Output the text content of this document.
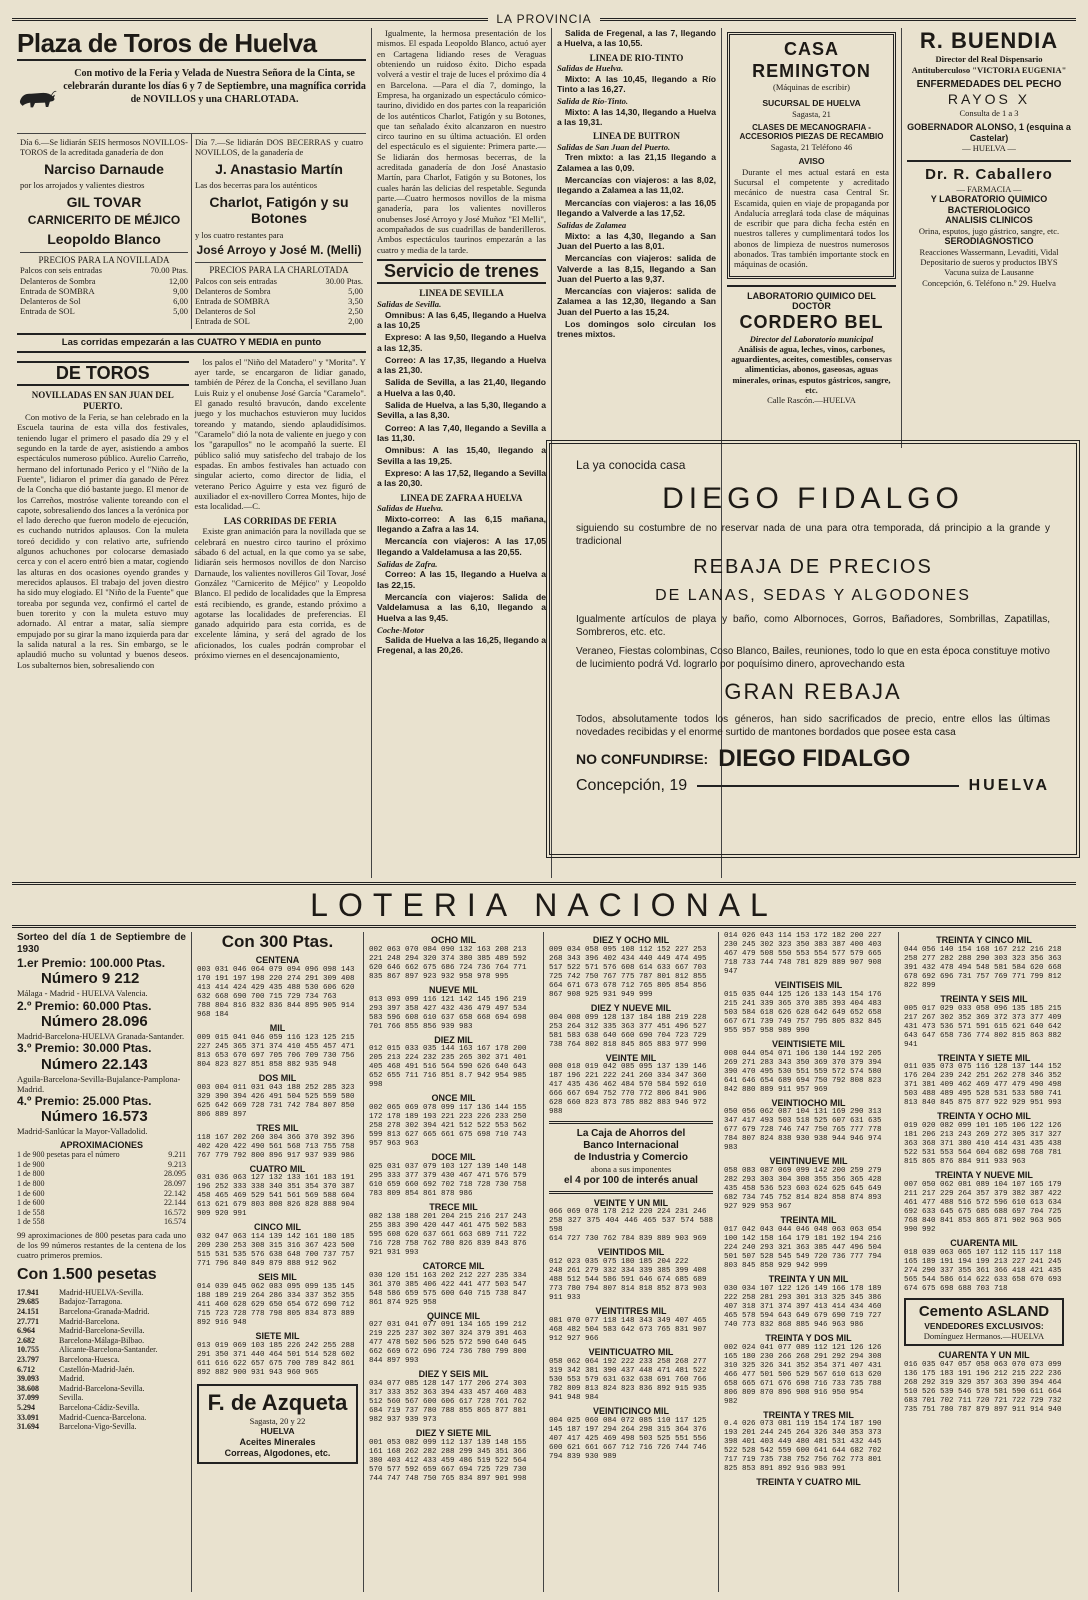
LA PROVINCIA
Plaza de Toros de Huelva
Con motivo de la Feria y Velada de Nuestra Señora de la Cinta, se celebrarán durante los días 6 y 7 de Septiembre, una magnífica corrida de NOVILLOS y una CHARLOTADA.
Día 6.—Se lidiarán SEIS hermosos NOVILLOS-TOROS de la acreditada ganadería de don
Narciso Darnaude
por los arrojados y valientes diestros
GIL TOVAR
CARNICERITO DE MÉJICO
Leopoldo Blanco
PRECIOS PARA LA NOVILLADA
Palcos con seis entradas	70.00 Ptas.
Delanteros de Sombra	12,00
Entrada de SOMBRA	9,00
Delanteros de Sol	6,00
Entrada de SOL	5,00
Día 7.—Se lidiarán DOS BECERRAS y cuatro NOVILLOS, de la ganadería de
J. Anastasio Martín
Las dos becerras para los auténticos
Charlot, Fatigón y su Botones
y los cuatro restantes para
José Arroyo y José M. (Melli)
PRECIOS PARA LA CHARLOTADA
Palcos con seis entradas	30.00 Ptas.
Delanteros de Sombra	5,00
Entrada de SOMBRA	3,50
Delanteros de Sol	2,50
Entrada de SOL	2,00
Las corridas empezarán a las CUATRO Y MEDIA en punto
DE TOROS
NOVILLADAS EN SAN JUAN DEL PUERTO.
Con motivo de la Feria, se han celebrado en la Escuela taurina de esta villa dos festivales, teniendo lugar el primero el pasado día 29 y el segundo en la tarde de ayer, asistiendo a ambos espectáculos numeroso público. Aurelio Carreño, hermano del infortunado Perico y el "Niño de la Fuente", lidiaron el primer día ganado de Pérez de la Concha que dió bastante juego. El menor de los Carreños, mostróse valiente toreando con el capote, sobresaliendo dos lances a la verónica por el lado derecho que fueron modelo de ejecución, es cuchando nutridos aplausos. Con la muleta toreó decidido y con relativo arte, sufriendo algunos achuchones por colocarse demasiado cerca y con el acero entró bien a matar, cogiendo las alturas en dos ocasiones oyendo grandes y merecidos aplausos. El trabajo del joven diestro ha sido muy elogiado. El "Niño de la Fuente" que toreaba por segunda vez, confirmó el cartel de buen torerito y con la muleta estuvo muy adornado. Al entrar a matar, salía siempre empujado por su girar la mano izquierda para dar la salida natural a la res. Sin embargo, se le aplaudió mucho su voluntad y buenos deseos. Los subalternos bien, sobresaliendo con
los palos el "Niño del Matadero" y "Morita". Y ayer tarde, se encargaron de lidiar ganado, también de Pérez de la Concha, el sevillano Juan Luis Ruiz y el onubense José García "Caramelo". El ganado resultó bravucón, dando excelente juego y los muchachos estuvieron muy lucidos toreando y matando, siendo aplaudidísimos. "Caramelo" dió la nota de valiente en juego y con los "garapullos" no le acompañó la suerte. El público salió muy satisfecho del trabajo de los espadas. En ambos festivales han actuado con singular acierto, como director de lidia, el veterano Perico Aguirre y esta vez figuró de auxiliador el ex-novillero Correa Montes, hijo de esta localidad.—C.
LAS CORRIDAS DE FERIA
Existe gran animación para la novillada que se celebrará en nuestro circo taurino el próximo sábado 6 del actual, en la que como ya se sabe, lidiarán seis hermosos novillos de don Narciso Darnaude, los valientes novilleros Gil Tovar, José González "Carnicerito de Méjico" y Leopoldo Blanco. El pedido de localidades que la Empresa está recibiendo, es grande, estando próximo a agotarse las localidades de preferencias. El ganado adquirido para esta corrida, es de excelente lámina, y será del agrado de los aficionados, los cuales podrán comprobar el próximo viernes en el desencajonamiento,
Igualmente, la hermosa presentación de los mismos. El espada Leopoldo Blanco, actuó ayer en Cartagena lidiando reses de Veraguas obteniendo un ruidoso éxito. Dicho espada volverá a vestir el traje de luces el próximo día 4 en Barcelona. —Para el día 7, domingo, la Empresa, ha organizado un espectáculo cómico-taurino, dividido en dos partes con la reaparición de los auténticos Charlot, Fatigón y su Botones, que tan señalado éxito alcanzaron en nuestro circo taurino en su última actuación. El orden del espectáculo es el siguiente: Primera parte.—Se lidiarán dos hermosas becerras, de la acreditada ganadería de don José Anastasio Martín, para Charlot, Fatigón y su Botones, los cuales harán las delicias del respetable. Segunda parte.—Cuatro hermosos novillos de la misma ganadería, para los valientes novilleros onubenses José Arroyo y José Muñoz "El Melli", acompañados de sus cuadrillas de banderilleros. Ambos espectáculos taurinos empezarán a las cuatro y media de la tarde.
Servicio de trenes
LINEA DE SEVILLA
Salidas de Sevilla.
Omnibus: A las 6,45, llegando a Huelva a las 10,25
Expreso: A las 9,50, llegando a Huelva a las 12,35.
Correo: A las 17,35, llegando a Huelva a las 21,30.
Salida de Sevilla, a las 21,40, llegando a Huelva a las 0,40.
Salida de Huelva, a las 5,30, llegando a Sevilla, a las 8,30.
Correo: A las 7,40, llegando a Sevilla a las 11,30.
Omnibus: A las 15,40, llegando a Sevilla a las 19,25.
Expreso: A las 17,52, llegando a Sevilla a las 20,30.
LINEA DE ZAFRA A HUELVA
Salidas de Huelva.
Mixto-correo: A las 6,15 mañana, llegando a Zafra a las 14.
Mercancía con viajeros: A las 17,05 llegando a Valdelamusa a las 20,55.
Salidas de Zafra.
Correo: A las 15, llegando a Huelva a las 22,15.
Mercancía con viajeros: Salida de Valdelamusa a las 6,10, llegando a Huelva a las 9,45.
Coche-Motor
Salida de Huelva a las 16,25, llegando a Fregenal, a las 20,26.
Salida de Fregenal, a las 7, llegando a Huelva, a las 10,55.
LINEA DE RIO-TINTO
Salidas de Huelva.
Mixto: A las 10,45, llegando a Río Tinto a las 16,27.
Salida de Río-Tinto.
Mixto: A las 14,30, llegando a Huelva a las 19,31.
LINEA DE BUITRON
Salidas de San Juan del Puerto.
Tren mixto: a las 21,15 llegando a Zalamea a las 0,09.
Mercancías con viajeros: a las 8,02, llegando a Zalamea a las 11,02.
Mercancías con viajeros: a las 16,05 llegando a Valverde a las 17,52.
Salidas de Zalamea
Mixto: a las 4,30, llegando a San Juan del Puerto a las 8,01.
Mercancías con viajeros: salida de Valverde a las 8,15, llegando a San Juan del Puerto a las 9,37.
Mercancías con viajeros: salida de Zalamea a las 12,30, llegando a San Juan del Puerto a las 15,24.
Los domingos solo circulan los trenes mixtos.
CASA REMINGTON
(Máquinas de escribir)
SUCURSAL DE HUELVA
Sagasta, 21
CLASES DE MECANOGRAFIA - ACCESORIOS PIEZAS DE RECAMBIO
Sagasta, 21 Teléfono 46
AVISO
Durante el mes actual estará en esta Sucursal el competente y acreditado mecánico de nuestra casa Central Sr. Escamida, quien en viaje de propaganda por Andalucía arreglará toda clase de máquinas de escribir que para dicha fecha estén en nuestros talleres y cumplimentará todos los abonos de limpieza de nuestros numerosos abonados. Tras también importante stock en máquinas de ocasión.
LABORATORIO QUIMICO DEL DOCTOR
CORDERO BEL
Director del Laboratorio municipal
Análisis de agua, leches, vinos, carbones, aguardientes, aceites, comestibles, conservas alimenticias, abonos, gaseosas, aguas minerales, orinas, esputos gástricos, sangre, etc.
Calle Rascón.—HUELVA
R. BUENDIA
Director del Real Dispensario Antituberculoso "VICTORIA EUGENIA"
ENFERMEDADES DEL PECHO
RAYOS X
Consulta de 1 a 3
GOBERNADOR ALONSO, 1 (esquina a Castelar)
— HUELVA —
Dr. R. Caballero
— FARMACIA —
Y LABORATORIO QUIMICO BACTERIOLOGICO
ANALISIS CLINICOS
Orina, esputos, jugo gástrico, sangre, etc.
SERODIAGNOSTICO
Reacciones Wassermann, Levaditi, Vidal
Depositario de sueros y productos IBYS
Vacuna suiza de Lausanne
Concepción, 6. Teléfono n.º 29. Huelva
La ya conocida casa
DIEGO FIDALGO
siguiendo su costumbre de no reservar nada de una para otra temporada, dá principio a la grande y tradicional
REBAJA DE PRECIOS
DE LANAS, SEDAS Y ALGODONES
Igualmente artículos de playa y baño, como Albornoces, Gorros, Bañadores, Sombrillas, Zapatillas, Sombreros, etc. etc.
Veraneo, Fiestas colombinas, Coso Blanco, Bailes, reuniones, todo lo que en esta época constituye motivo de lucimiento podrá Vd. lograrlo por poquísimo dinero, aprovechando esta
GRAN REBAJA
Todos, absolutamente todos los géneros, han sido sacrificados de precio, entre ellos las últimas novedades recibidas y el enorme surtido de mantones bordados que posee esta casa
NO CONFUNDIRSE: DIEGO FIDALGO
Concepción, 19	HUELVA
LOTERIA NACIONAL
Sorteo del día 1 de Septiembre de 1930
1.er Premio: 100.000 Ptas.
Número 9 212
Málaga - Madrid - HUELVA Valencia.
2.º Premio: 60.000 Ptas.
Número 28.096
Madrid-Barcelona-HUELVA Granada-Santander.
3.º Premio: 30.000 Ptas.
Número 22.143
Aguila-Barcelona-Sevilla-Bujalance-Pamplona-Madrid.
4.º Premio: 25.000 Ptas.
Número 16.573
Madrid-Sanlúcar la Mayor-Valladolid.
APROXIMACIONES
1 de 900 pesetas para el número	9.211
1 de 900	9.213
1 de 800	28.095
1 de 800	28.097
1 de 600	22.142
1 de 600	22.144
1 de 558	16.572
1 de 558	16.574
99 aproximaciones de 800 pesetas para cada uno de los 99 números restantes de la centena de los cuatro primeros premios.
Con 1.500 pesetas
17.941	Madrid-HUELVA-Sevilla.
29.685	Badajoz-Tarragona.
24.151	Barcelona-Granada-Madrid.
27.771	Madrid-Barcelona.
6.964	Madrid-Barcelona-Sevilla.
2.682	Barcelona-Málaga-Bilbao.
10.755	Alicante-Barcelona-Santander.
23.797	Barcelona-Huesca.
6.712	Castellón-Madrid-Jaén.
39.093	Madrid.
38.608	Madrid-Barcelona-Sevilla.
37.099	Sevilla.
5.294	Barcelona-Cádiz-Sevilla.
33.091	Madrid-Cuenca-Barcelona.
31.694	Barcelona-Vigo-Sevilla.
Con 300 Ptas.
CENTENA
003 031 046 064 079 094 096 098 143
170 191 197 198 220 274 291 309 408
413 414 424 429 435 488 530 606 620
632 668 690 700 715 729 734 763
788 804 816 832 836 844 895 905 914
968 184
MIL
009 015 041 046 059 116 123 125 215
227 245 365 371 374 410 455 457 471
813 653 670 697 705 706 709 730 756
804 823 827 851 858 882 935 948
DOS MIL
003 004 011 031 043 188 252 285 323
329 390 394 426 491 504 525 559 580
625 642 669 728 731 742 784 807 850
806 889 897
TRES MIL
118 167 202 260 304 366 370 392 396
402 420 422 490 561 568 713 755 758
767 779 792 800 896 917 937 939 986
CUATRO MIL
031 036 063 127 132 133 161 183 191
196 252 333 338 340 351 354 370 387
458 465 469 529 541 561 569 588 604
613 621 679 803 808 826 828 888 904
909 920 991
CINCO MIL
032 047 063 114 139 142 161 180 185
209 230 253 308 315 316 367 423 500
515 531 535 576 638 648 700 737 757
771 796 840 849 879 888 912 962
SEIS MIL
014 039 045 062 083 095 099 135 145
188 189 219 264 286 334 337 352 355
411 460 628 629 650 654 672 690 712
715 723 728 778 798 805 834 873 889
892 916 948
SIETE MIL
013 019 069 103 185 226 242 255 288
291 350 371 440 464 501 514 528 602
611 616 622 657 675 700 789 842 861
892 882 900 931 943 960 965
F. de Azqueta Sagasta, 20 y 22
HUELVA
Aceites Minerales
Correas, Algodones, etc.
OCHO MIL
002 063 070 084 090 132 163 208 213
221 248 294 320 374 380 385 489 592
620 646 662 675 686 724 736 764 771
835 867 897 923 932 958 978 995
NUEVE MIL
013 093 099 116 121 142 145 196 219
293 397 358 427 432 436 479 497 534
583 596 608 610 637 658 668 694 698
701 766 855 856 939 983
DIEZ MIL
012 015 033 035 144 163 167 178 200
205 213 224 232 235 265 302 371 401
405 468 491 516 564 590 626 640 643
652 655 711 716 851 8.7 942 954 985
998
ONCE MIL
002 065 069 078 099 117 136 144 155
172 178 189 193 221 223 226 233 250
258 278 302 394 421 512 522 553 562
599 813 627 665 661 675 698 710 743
957 963 963
DOCE MIL
025 031 037 079 103 127 139 140 148
295 333 377 379 430 467 471 576 579
610 659 660 692 702 718 728 730 758
783 809 854 861 878 986
TRECE MIL
082 138 188 201 204 215 216 217 243
255 383 390 420 447 461 475 502 583
595 608 620 637 661 663 689 711 722
716 728 758 762 780 826 839 843 876
921 931 993
CATORCE MIL
030 120 151 163 202 212 227 235 334
361 370 385 406 422 441 477 503 547
548 586 659 575 600 640 715 738 847
861 874 925 958
QUINCE MIL
027 031 041 077 091 134 165 199 212
219 225 237 302 307 324 379 391 463
477 478 502 506 525 572 590 640 645
662 669 672 696 724 736 780 799 800
844 897 993
DIEZ Y SEIS MIL
034 077 085 128 147 177 206 274 303
317 333 352 363 394 433 457 460 483
512 560 567 600 606 617 728 761 762
684 719 737 780 788 855 865 877 881
982 937 939 973
DIEZ Y SIETE MIL
001 053 082 099 112 137 139 148 155
161 168 262 282 288 299 345 351 366
380 403 412 433 459 486 519 522 564
570 577 592 659 667 694 725 729 730
744 747 748 750 765 834 897 901 998
DIEZ Y OCHO MIL
009 034 058 095 108 112 152 227 253
268 343 396 402 434 440 449 474 495
517 522 571 576 608 614 633 667 703
725 742 750 767 775 787 801 812 855
664 671 673 678 712 765 805 854 856
867 908 925 931 949 999
DIEZ Y NUEVE MIL
004 008 099 128 137 184 188 219 228
253 264 312 335 363 377 451 496 527
581 583 638 640 660 690 704 723 729
738 764 802 818 845 865 883 977 990
VEINTE MIL
008 018 019 042 085 095 137 139 146
187 196 221 222 241 260 334 347 360
417 435 436 462 484 570 584 592 610
666 667 694 752 770 772 806 841 906
628 660 823 873 785 882 883 946 972
988
La Caja de Ahorros del
Banco Internacional
de Industria y Comercio
abona a sus imponentes
el 4 por 100 de interés anual
VEINTE Y UN MIL
066 069 078 178 212 220 224 231 246
258 327 375 404 446 465 537 574 588 598
614 727 730 762 784 839 889 903 969
VEINTIDOS MIL
012 023 035 075 180 185 204 222
248 261 279 332 334 339 385 399 408
488 512 544 586 591 646 674 685 689
773 780 794 807 814 818 852 873 903
911 933
VEINTITRES MIL
081 070 077 118 148 343 349 407 465
468 482 504 583 642 673 765 831 907
912 927 966
VEINTICUATRO MIL
058 062 064 192 222 233 258 268 277
319 342 381 390 437 448 471 481 522
530 553 579 631 632 638 691 760 766
782 809 813 824 823 836 892 915 935
941 948 984
VEINTICINCO MIL
004 025 060 084 072 085 110 117 125
145 187 197 294 264 298 315 364 376
407 417 425 469 498 503 525 551 556
600 621 661 667 712 716 726 744 746
794 839 930 989
014 026 043 114 153 172 182 200 227
230 245 302 323 350 383 387 400 403
467 479 508 550 553 554 577 579 665
718 733 744 748 781 829 889 907 908
947
VEINTISEIS MIL
015 035 044 125 126 133 143 154 176
215 241 339 365 370 385 393 404 483
503 584 618 626 628 642 649 652 658
667 671 739 749 757 795 805 832 845
955 957 958 989 990
VEINTISIETE MIL
008 044 054 071 106 130 144 192 205
269 271 283 343 350 369 370 379 394
390 470 495 530 551 559 572 574 580
641 646 654 689 694 750 792 808 823
842 880 889 911 957 969
VEINTIOCHO MIL
050 056 062 087 104 131 169 290 313
347 417 493 503 518 525 607 631 635
677 679 728 746 747 750 765 777 778
784 807 824 838 930 938 944 946 974
983
VEINTINUEVE MIL
058 083 087 069 099 142 200 259 279
282 293 303 304 308 355 356 365 428
435 458 536 523 603 624 625 645 649
682 734 745 752 814 824 858 874 893
927 929 953 967
TREINTA MIL
017 042 043 044 046 048 063 063 054
100 142 158 164 179 181 192 194 216
224 240 293 321 363 385 447 496 504
501 507 528 545 549 720 736 777 794
803 845 858 929 942 999
TREINTA Y UN MIL
030 034 107 122 126 149 166 178 189
222 258 281 293 301 313 325 345 386
407 318 371 374 397 413 414 434 460
465 578 594 643 649 679 690 719 727
740 773 832 868 885 946 963 986
TREINTA Y DOS MIL
002 024 041 077 089 112 121 126 126
165 180 230 266 268 291 292 294 308
310 325 326 341 352 354 371 407 431
466 477 501 506 529 567 610 613 620
658 665 671 676 698 716 733 735 788
806 809 870 896 908 916 950 954
982
TREINTA Y TRES MIL
0.4 026 073 081 119 154 174 187 190
193 201 244 245 264 326 340 353 373
398 401 403 449 480 481 531 432 445
522 528 542 559 600 641 644 682 702
717 719 735 738 752 756 762 773 801
825 853 891 892 916 983 991
TREINTA Y CUATRO MIL
TREINTA Y CINCO MIL
044 056 140 154 168 167 212 216 218
258 277 282 288 290 303 323 356 363
391 432 478 494 548 581 584 620 668
678 692 696 731 757 769 771 799 812
822 899
TREINTA Y SEIS MIL
005 017 029 033 058 096 135 185 215
217 267 302 352 369 372 373 377 409
431 473 536 571 591 615 621 640 642
643 647 658 736 774 802 815 863 882
941
TREINTA Y SIETE MIL
011 035 073 075 116 128 137 144 152
176 204 239 242 251 262 278 346 352
371 381 409 462 469 477 479 490 498
503 488 489 495 528 531 533 580 741
813 840 845 875 877 922 929 951 993
TREINTA Y OCHO MIL
019 020 082 099 101 105 106 122 126
181 206 213 243 269 272 305 317 327
363 368 371 380 410 414 431 435 438
522 531 553 564 604 682 698 768 781
815 865 876 884 911 933 963
TREINTA Y NUEVE MIL
007 050 062 081 089 104 107 165 179
211 217 229 264 357 379 382 387 422
461 477 488 516 572 596 610 613 634
692 633 645 675 685 688 697 704 725
768 840 841 853 865 871 902 963 965
990 992
CUARENTA MIL
018 039 063 065 107 112 115 117 118
165 189 191 194 199 213 227 241 245
274 290 337 355 361 366 418 421 435
565 544 586 614 622 633 658 670 693
674 675 698 688 703 718
Cemento ASLAND
VENDEDORES EXCLUSIVOS:
Domínguez Hermanos.—HUELVA
CUARENTA Y UN MIL
016 035 047 057 058 063 070 073 099
136 175 183 191 196 212 215 222 236
268 292 319 329 357 363 390 394 464
510 526 539 546 578 581 590 611 664
683 701 702 711 720 721 722 729 732
735 751 780 787 879 897 911 914 940
